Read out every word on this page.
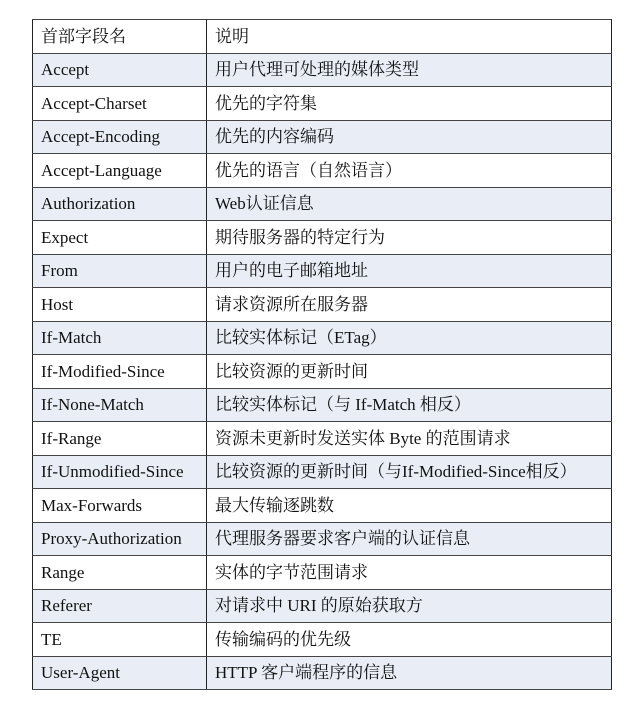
首部字段名	说明
Accept	用户代理可处理的媒体类型
Accept-Charset	优先的字符集
Accept-Encoding	优先的内容编码
Accept-Language	优先的语言（自然语言）
Authorization	Web认证信息
Expect	期待服务器的特定行为
From	用户的电子邮箱地址
Host	请求资源所在服务器
If-Match	比较实体标记（ETag）
If-Modified-Since	比较资源的更新时间
If-None-Match	比较实体标记（与 If-Match 相反）
If-Range	资源未更新时发送实体 Byte 的范围请求
If-Unmodified-Since	比较资源的更新时间（与If-Modified-Since相反）
Max-Forwards	最大传输逐跳数
Proxy-Authorization	代理服务器要求客户端的认证信息
Range	实体的字节范围请求
Referer	对请求中 URI 的原始获取方
TE	传输编码的优先级
User-Agent	HTTP 客户端程序的信息
